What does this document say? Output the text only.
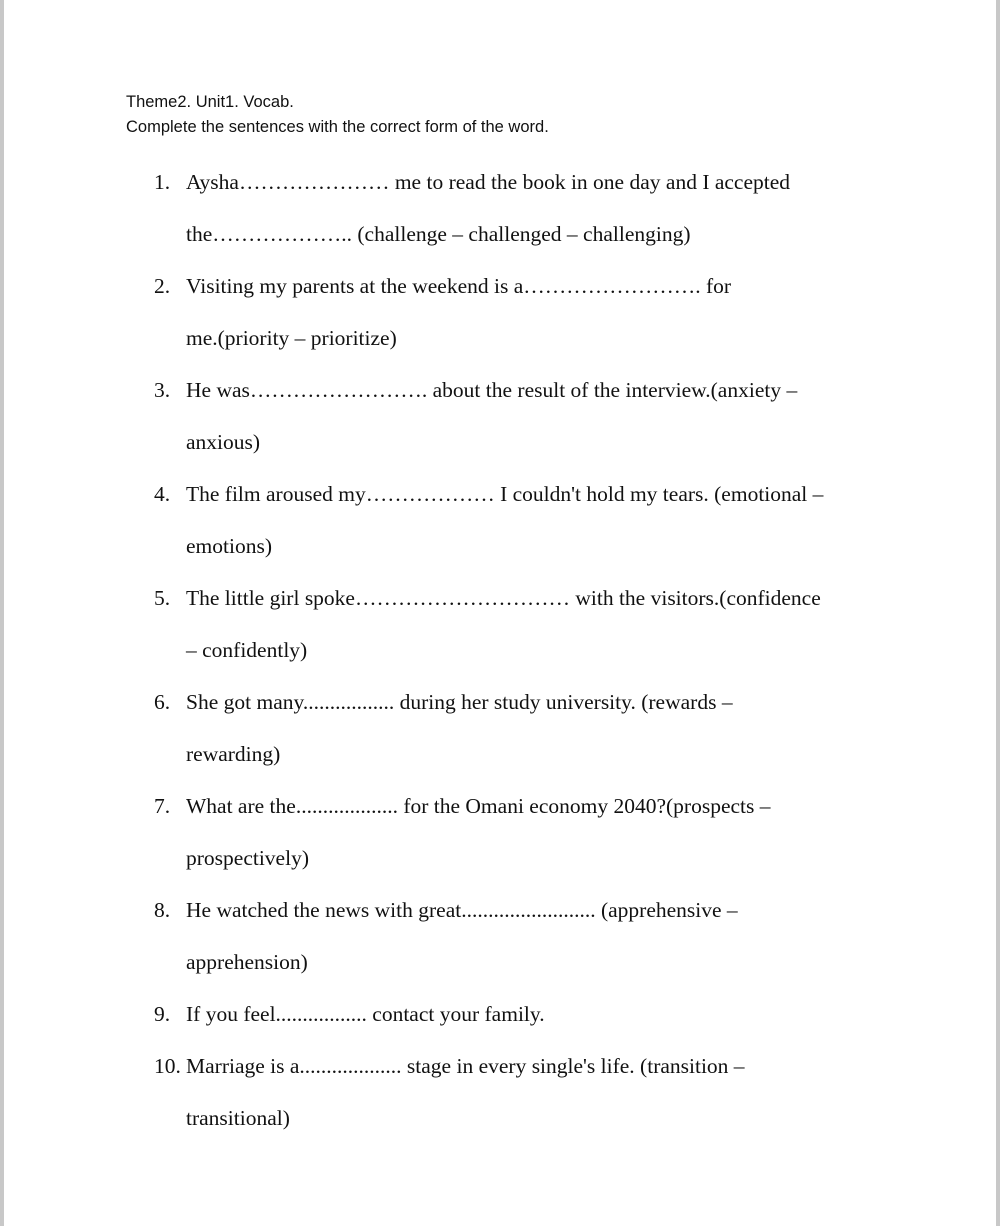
Theme2. Unit1. Vocab.
Complete the sentences with the correct form of the word.
1. Aysha………………… me to read the book in one day and I accepted
the……………….. (challenge – challenged – challenging)
2. Visiting my parents at the weekend is a……………………. for
me.(priority – prioritize)
3. He was……………………. about the result of the interview.(anxiety –
anxious)
4. The film aroused my……………… I couldn't hold my tears. (emotional –
emotions)
5. The little girl spoke………………………… with the visitors.(confidence
– confidently)
6. She got many................. during her study university. (rewards –
rewarding)
7. What are the................... for the Omani economy 2040?(prospects –
prospectively)
8. He watched the news with great......................... (apprehensive –
apprehension)
9. If you feel................. contact your family.
10. Marriage is a................... stage in every single's life. (transition –
transitional)
